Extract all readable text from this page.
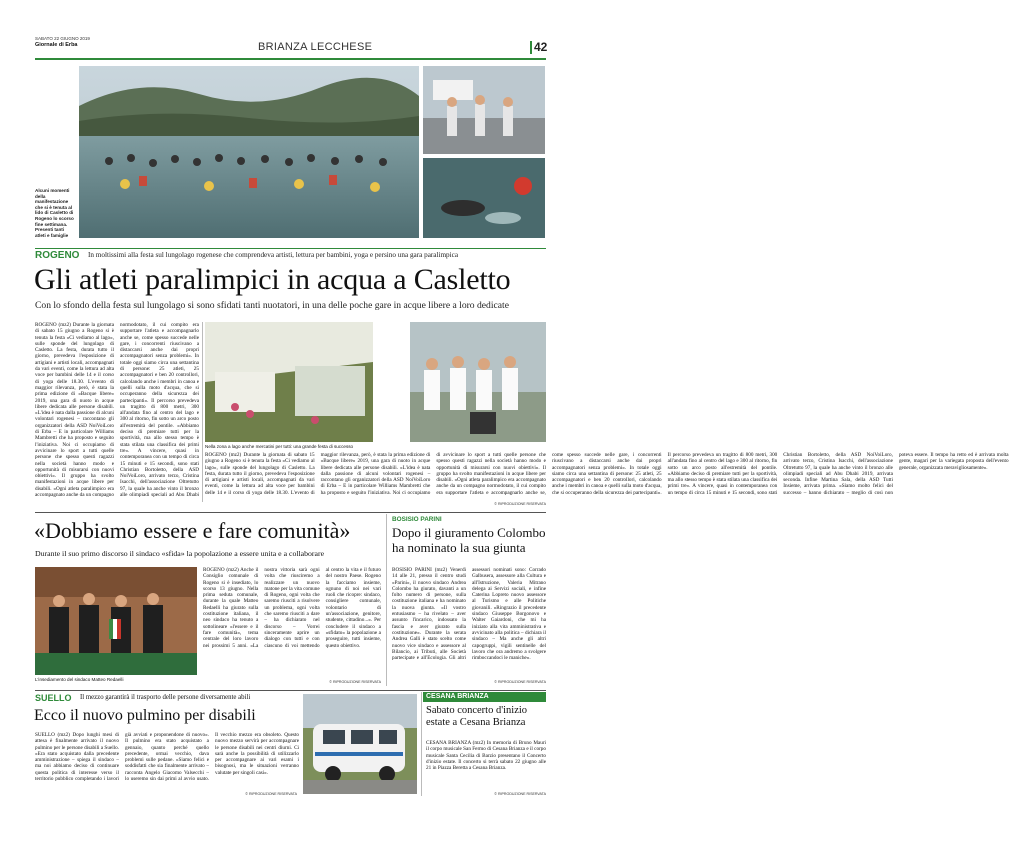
SABATO 22 GIUGNO 2019
Giornale di Erba	BRIANZA LECCHESE	42
Alcuni momenti della manifestazione che si è tenuta al lido di Casletto di Rogeno lo scorso fine settimana. Presenti tanti atleti e famiglie
ROGENO In moltissimi alla festa sul lungolago rogenese che comprendeva artisti, lettura per bambini, yoga e persino una gara paralimpica
Gli atleti paralimpici in acqua a Casletto
Con lo sfondo della festa sul lungolago si sono sfidati tanti nuotatori, in una delle poche gare in acque libere a loro dedicate
ROGENO (mz2) Durante la giornata di sabato 15 giugno a Rogeno si è tenuta la festa «Ci vediamo al lago», sulle sponde del lungolago di Casletto. La festa, durata tutto il giorno, prevedeva l'esposizione di artigiani e artisti locali, accompagnati da vari eventi, come la lettura ad alta voce per bambini delle 14 e il corso di yoga delle 18.30. L'evento di maggior rilevanza, però, è stata la prima edizione di «Bacque libere» 2019, una gara di nuoto in acque libere dedicata alle persone disabili. «L'idea è nata dalla passione di alcuni volontari rogenesi – raccontano gli organizzatori della ASD NoiVoiLoro di Erba – E in particolare Williams Mambretti che ha proposto e seguito l'iniziativa. Noi ci occupiamo di avvicinare lo sport a tutti quelle persone che spesso questi ragazzi nella società hanno modo e opportunità di misurarsi con nuovi obiettivi». Il gruppo ha svolto manifestazioni in acque libere per disabili. «Ogni atleta paralimpico era accompagnato anche da un compagno normodotato, il cui compito era supportare l'atleta e accompagnarlo anche se, come spesso succede nelle gare, i concorrenti riuscivano a distaccarsi anche dai propri accompagnatori senza problemi». In totale oggi siamo circa una settantina di persone: 25 atleti, 25 accompagnatori e ben 20 controllori, calcolando anche i membri in canoa e quelli sulla moto d'acqua, che si occuperanno della sicurezza dei partecipanti». Il percorso prevedeva un tragitto di 800 metri, 300 all'andata fino al centro del lago e 300 al ritorno, fin sotto un arco posto all'estremità del pontile. «Abbiamo deciso di premiare tutti per la sportività, ma allo stesso tempo è stata stilata una classifica dei primi tre». A vincere, quasi in contemporanea con un tempo di circa 15 minuti e 15 secondi, sono stati Christian Bortoletto, della ASD NoiVoiLoro, arrivato terzo, Cristina Isacchi, dell'associazione Oltretutto 97, la quale ha anche vinto il bronzo alle olimpiadi speciali ad Abu Dhabi
Nella zona a lago anche mercatini per tutti: una grande festa di successo
ROGENO (mz2) Durante la giornata di sabato 15 giugno a Rogeno si è tenuta la festa «Ci vediamo al lago», sulle sponde del lungolago di Casletto. La festa, durata tutto il giorno, prevedeva l'esposizione di artigiani e artisti locali, accompagnati da vari eventi, come la lettura ad alta voce per bambini delle 14 e il corso di yoga delle 18.30. L'evento di maggior rilevanza, però, è stata la prima edizione di «Bacque libere» 2019, una gara di nuoto in acque libere dedicata alle persone disabili. «L'idea è nata dalla passione di alcuni volontari rogenesi – raccontano gli organizzatori della ASD NoiVoiLoro di Erba – E in particolare Williams Mambretti che ha proposto e seguito l'iniziativa. Noi ci occupiamo di avvicinare lo sport a tutti quelle persone che spesso questi ragazzi nella società hanno modo e opportunità di misurarsi con nuovi obiettivi». Il gruppo ha svolto manifestazioni in acque libere per disabili. «Ogni atleta paralimpico era accompagnato anche da un compagno normodotato, il cui compito era supportare l'atleta e accompagnarlo anche se, come spesso succede nelle gare, i concorrenti riuscivano a distaccarsi anche dai propri accompagnatori senza problemi». In totale oggi siamo circa una settantina di persone: 25 atleti, 25 accompagnatori e ben 20 controllori, calcolando anche i membri in canoa e quelli sulla moto d'acqua, che si occuperanno della sicurezza dei partecipanti». Il percorso prevedeva un tragitto di 800 metri, 300 all'andata fino al centro del lago e 300 al ritorno, fin sotto un arco posto all'estremità del pontile. «Abbiamo deciso di premiare tutti per la sportività, ma allo stesso tempo è stata stilata una classifica dei primi tre». A vincere, quasi in contemporanea con un tempo di circa 15 minuti e 15 secondi, sono stati Christian Bortoletto, della ASD NoiVoiLoro, arrivato terzo, Cristina Isacchi, dell'associazione Oltretutto 97, la quale ha anche vinto il bronzo alle olimpiadi speciali ad Abu Dhabi 2019, arrivata seconda. Infine Martina Sala, della ASD Tutti Insieme, arrivata prima. «Siamo molto felici del successo – hanno dichiarato – meglio di così non poteva essere. Il tempo ha retto ed è arrivata molta gente, magari per la variegata proposta dell'evento generale, organizzata meravigliosamente».
© RIPRODUZIONE RISERVATA
«Dobbiamo essere e fare comunità»
Durante il suo primo discorso il sindaco «sfida» la popolazione a essere unita e a collaborare
L'insediamento del sindaco Matteo Redaelli
ROGENO (mz2) Anche il Consiglio comunale di Rogeno si è insediato, lo scorso 13 giugno. Nella prima seduta comunale, durante la quale Matteo Redaelli ha giurato sulla costituzione italiana, il neo sindaco ha tenuto a sottolineare «l'essere e il fare comunità», tema centrale del loro lavoro nei prossimi 5 anni. «La nostra vittoria sarà ogni volta che riusciremo a realizzare un nuovo matone per la vita comune di Rogeno, ogni volta che saremo riusciti a risolvere un problema, ogni volta che saremo riusciti a dare – ha dichiarato nel discorso – Vorrei sinceramente aprire un dialogo con tutti e con ciascuno di voi mettendo al centro la vita e il futuro del nostro Paese. Rogeno la facciamo insieme, ognuno di noi nei vari ruoli che ricopre: sindaco, consigliere comunale, volontario di un'associazione, genitore, studente, cittadino...». Per concludere il sindaco a «sfidato» la popolazione a proseguire, tutti insieme, questo obiettivo.
© RIPRODUZIONE RISERVATA
BOSISIO PARINI
Dopo il giuramento Colombo ha nominato la sua giunta
BOSISIO PARINI (mz2) Venerdì 14 alle 21, presso il centro studi «Parini», il nuovo sindaco Andrea Colombo ha giurato, davanti a un folto numero di persone, sulla costituzione italiana e ha nominato la nuova giunta. «Il vostro entusiasmo – ha rivelato – aver assunto l'incarico, indossato la fascia e aver giurato sulla costituzione». Durante la serata Andrea Galli è stato scelto come nuovo vice sindaco e assessore al Bilancio, ai Tributi, alle Società partecipate e all'Ecologia. Gli altri assessori nominati sono: Corrado Galbusera, assessore alla Cultura e all'Istruzione, Valeria Mitrano delega ai Servizi sociali, e infine Caterina Lopreto nuovo assessore al Turismo e alle Politiche giovanili. «Ringrazio il precedente sindaco Giuseppe Borgonovo e Walter Gaiardoni, che mi ha iniziato alla vita amministrativa e avvicinato alla politica – dichiara il sindaco – Ma anche gli altri capogruppi, vigili sentinelle del lavoro che ora andremo a svolgere rimboccandoci le maniche».
© RIPRODUZIONE RISERVATA
SUELLO Il mezzo garantirà il trasporto delle persone diversamente abili
Ecco il nuovo pulmino per disabili
SUELLO (mz2) Dopo lunghi mesi di attesa è finalmente arrivato il nuovo pulmino per le persone disabili a Suello. «Era stato acquistato dalla precedente amministrazione – spiega il sindaco – ma noi abbiamo deciso di continuare questa politica di interesse verso il territorio pubblico completando i lavori già avviati e proponendone di nuovo». Il pulmino era stato acquistato a gennaio, quanto perché quello precedente, ormai vecchio, dava problemi sulle pedane. «Siamo felici e soddisfatti che sia finalmente arrivato – racconta Angelo Giacomo Valsecchi – lo useremo sin dai primi al avvio usato. Il vecchio mezzo era obsoleto. Questo nuovo mezzo servirà per accompagnare le persone disabili nei centri diurni. Ci sarà anche la possibilità di utilizzarlo per accompagnare ai vari esami i bisognosi, ma le situazioni verranno valutate per singoli casi».
© RIPRODUZIONE RISERVATA
CESANA BRIANZA
Sabato concerto d'inizio estate a Cesana Brianza
CESANA BRIANZA (mz2) In memoria di Bruno Mauri il corpo musicale San Fermo di Cesana Brianza e il corpo musicale Santa Cecilia di Barzio presentano il Concerto d'inizio estate. Il concerto si terrà sabato 22 giugno alle 21 in Piazza Beretta a Cesana Brianza.
© RIPRODUZIONE RISERVATA
